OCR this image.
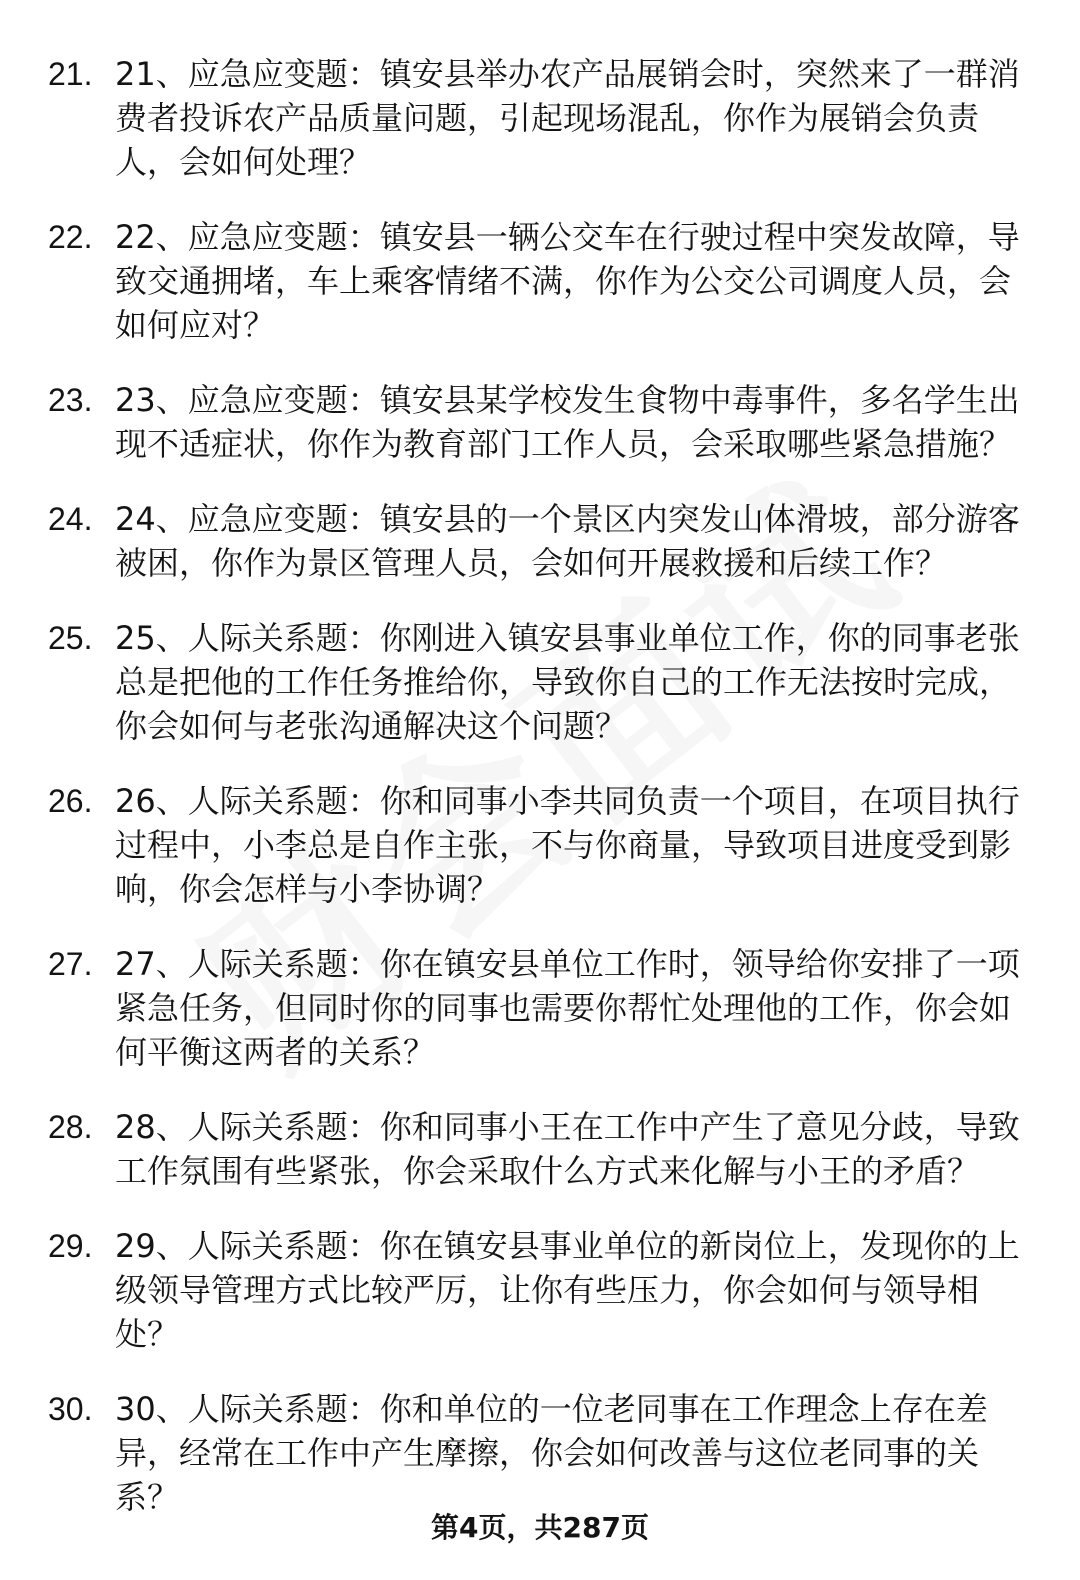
21. 21、应急应变题：镇安县举办农产品展销会时，突然来了一群消费者投诉农产品质量问题，引起现场混乱，你作为展销会负责人，会如何处理？
22. 22、应急应变题：镇安县一辆公交车在行驶过程中突发故障，导致交通拥堵，车上乘客情绪不满，你作为公交公司调度人员，会如何应对？
23. 23、应急应变题：镇安县某学校发生食物中毒事件，多名学生出现不适症状，你作为教育部门工作人员，会采取哪些紧急措施？
24. 24、应急应变题：镇安县的一个景区内突发山体滑坡，部分游客被困，你作为景区管理人员，会如何开展救援和后续工作？
25. 25、人际关系题：你刚进入镇安县事业单位工作，你的同事老张总是把他的工作任务推给你，导致你自己的工作无法按时完成，你会如何与老张沟通解决这个问题？
26. 26、人际关系题：你和同事小李共同负责一个项目，在项目执行过程中，小李总是自作主张，不与你商量，导致项目进度受到影响，你会怎样与小李协调？
27. 27、人际关系题：你在镇安县单位工作时，领导给你安排了一项紧急任务，但同时你的同事也需要你帮忙处理他的工作，你会如何平衡这两者的关系？
28. 28、人际关系题：你和同事小王在工作中产生了意见分歧，导致工作氛围有些紧张，你会采取什么方式来化解与小王的矛盾？
29. 29、人际关系题：你在镇安县事业单位的新岗位上，发现你的上级领导管理方式比较严厉，让你有些压力，你会如何与领导相处？
30. 30、人际关系题：你和单位的一位老同事在工作理念上存在差异，经常在工作中产生摩擦，你会如何改善与这位老同事的关系？
第4页，共287页
